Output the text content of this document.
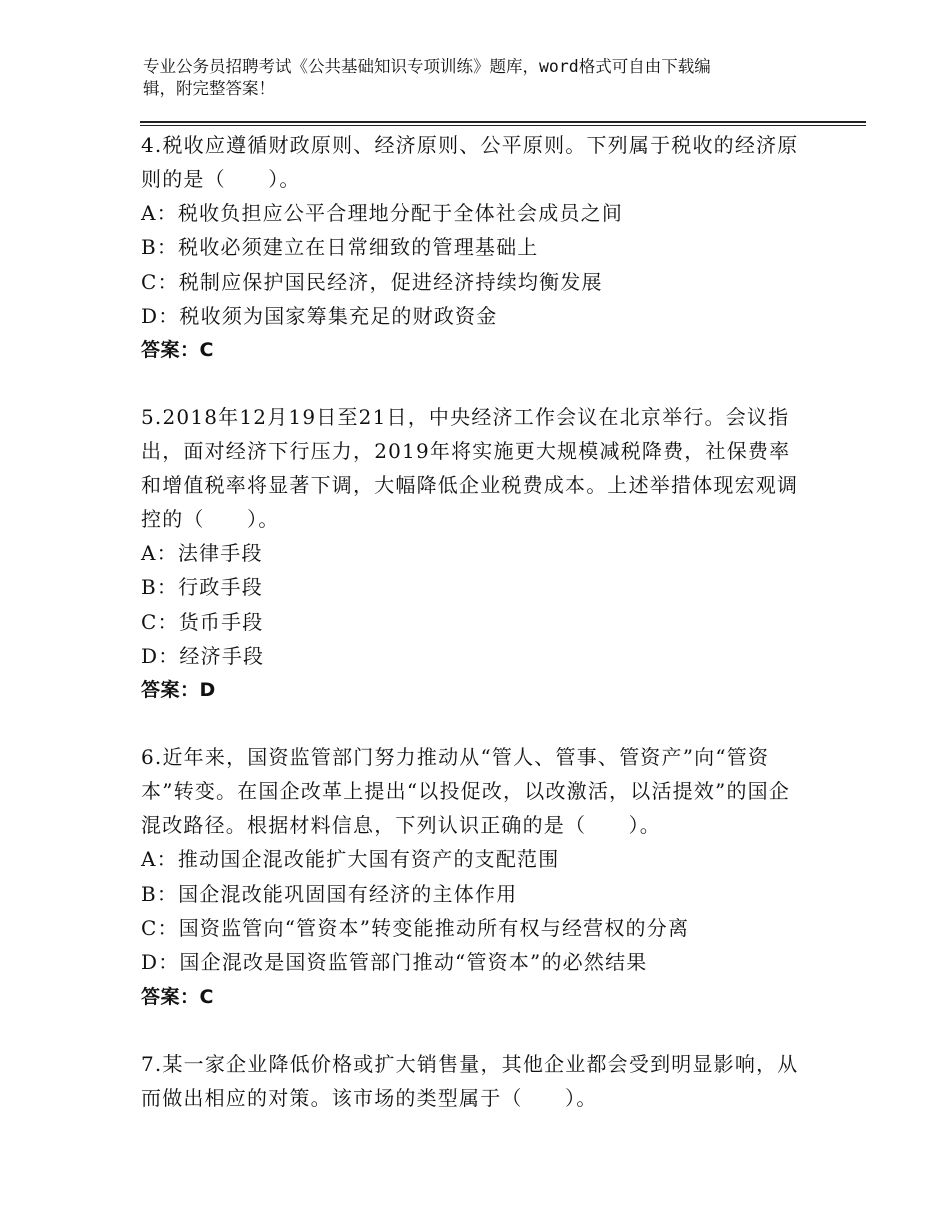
专业公务员招聘考试《公共基础知识专项训练》题库，word格式可自由下载编
辑，附完整答案！
4.税收应遵循财政原则、经济原则、公平原则。下列属于税收的经济原则的是（　　）。
A：税收负担应公平合理地分配于全体社会成员之间
B：税收必须建立在日常细致的管理基础上
C：税制应保护国民经济，促进经济持续均衡发展
D：税收须为国家筹集充足的财政资金
答案：C
5.2018年12月19日至21日，中央经济工作会议在北京举行。会议指出，面对经济下行压力，2019年将实施更大规模减税降费，社保费率和增值税率将显著下调，大幅降低企业税费成本。上述举措体现宏观调控的（　　）。
A：法律手段
B：行政手段
C：货币手段
D：经济手段
答案：D
6.近年来，国资监管部门努力推动从“管人、管事、管资产”向“管资本”转变。在国企改革上提出“以投促改，以改激活，以活提效”的国企混改路径。根据材料信息，下列认识正确的是（　　）。
A：推动国企混改能扩大国有资产的支配范围
B：国企混改能巩固国有经济的主体作用
C：国资监管向“管资本”转变能推动所有权与经营权的分离
D：国企混改是国资监管部门推动“管资本”的必然结果
答案：C
7.某一家企业降低价格或扩大销售量，其他企业都会受到明显影响，从而做出相应的对策。该市场的类型属于（　　）。
